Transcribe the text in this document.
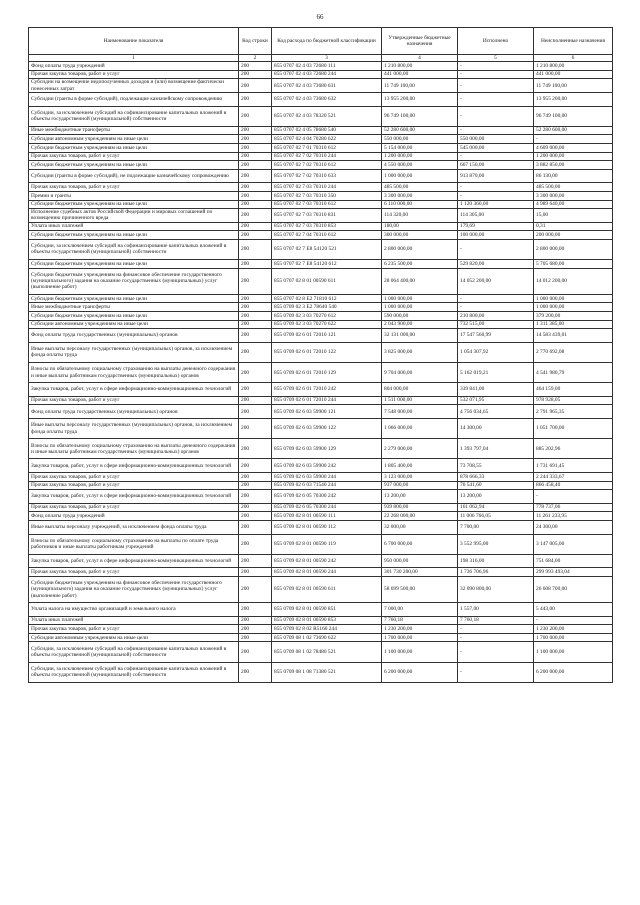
66
Наименование показателя	Код строки	Код расхода по бюджетной классификации	Утвержденные бюджетные назначения	Исполнено	Неисполненные назначения
1	2	3	4	5	6
Фонд оплаты труда учреждений	200	855 0707 02 4 03 72680 111	1 210 800,00	-	1 210 800,00
Прочая закупка товаров, работ и услуг	200	855 0707 02 4 03 72680 244	441 000,00	-	441 000,00
Субсидии на возмещение недополученных доходов и (или) возмещение фактически понесенных затрат	200	855 0707 02 4 03 73680 631	11 749 100,00	-	11 749 100,00
Субсидии (гранты в форме субсидий), подлежащие казначейскому сопровождению	200	855 0707 02 4 03 73680 632	13 955 200,00	-	13 955 200,00
Субсидии, за исключением субсидий на софинансирование капитальных вложений в объекты государственной (муниципальной) собственности	200	855 0707 02 4 03 78320 521	96 749 100,00	-	96 749 100,00
Иные межбюджетные трансферты	200	855 0707 02 4 05 78680 540	52 280 600,00	-	52 280 600,00
Субсидии автономным учреждениям на иные цели	200	855 0707 02 4 04 70280 622	550 000,00	550 000,00	-
Субсидии бюджетным учреждениям на иные цели	200	855 0707 02 7 01 70310 612	5 154 000,00	545 000,00	4 609 000,00
Прочая закупка товаров, работ и услуг	200	855 0707 02 7 02 70310 244	1 200 000,00	-	1 200 000,00
Субсидии бюджетным учреждениям на иные цели	200	855 0707 02 7 02 70310 612	4 550 000,00	667 150,00	3 882 850,00
Субсидии (гранты в форме субсидий), не подлежащие казначейскому сопровождению	200	855 0707 02 7 02 70310 633	1 000 000,00	913 870,00	86 130,00
Прочая закупка товаров, работ и услуг	200	855 0707 02 7 03 70310 244	485 500,00	-	485 500,00
Премии и гранты	200	855 0707 02 7 03 70310 350	3 300 000,00	-	3 300 000,00
Субсидии бюджетным учреждениям на иные цели	200	855 0707 02 7 03 70310 612	6 110 000,00	1 120 360,00	4 989 640,00
Исполнение судебных актов Российской Федерации и мировых соглашений по возмещению причиненного вреда	200	855 0707 02 7 03 70310 831	114 320,00	114 305,00	15,00
Уплата иных платежей	200	855 0707 02 7 03 70310 853	180,00	179,69	0,31
Субсидии бюджетным учреждениям на иные цели	200	855 0707 02 7 04 70310 612	300 000,00	100 000,00	200 000,00
Субсидии, за исключением субсидий на софинансирование капитальных вложений в объекты государственной (муниципальной) собственности	200	855 0707 02 7 E8 54120 521	2 800 000,00	-	2 800 000,00
Субсидии бюджетным учреждениям на иные цели	200	855 0707 02 7 E8 54120 612	6 235 500,00	529 820,00	5 705 680,00
Субсидии бюджетным учреждениям на финансовое обеспечение государственного (муниципального) задания на оказание государственных (муниципальных) услуг (выполнение работ)	200	855 0707 02 8 01 00590 611	28 064 400,00	14 052 200,00	14 012 200,00
Субсидии бюджетным учреждениям на иные цели	200	855 0707 02 8 E2 71810 612	1 000 000,00	-	1 000 000,00
Иные межбюджетные трансферты	200	855 0709 02 3 E2 78640 540	1 000 000,00	-	1 000 000,00
Субсидии бюджетным учреждениям на иные цели	200	855 0709 02 3 03 70270 612	590 000,00	210 800,00	379 200,00
Субсидии автономным учреждениям на иные цели	200	855 0709 02 3 03 70270 622	2 043 900,00	732 515,00	1 311 385,00
Фонд оплаты труда государственных (муниципальных) органов	200	855 0709 02 6 01 72010 121	32 131 000,00	17 547 560,99	14 583 439,01
Иные выплаты персоналу государственных (муниципальных) органов, за исключением фонда оплаты труда	200	855 0709 02 6 01 72010 122	3 825 000,00	1 054 307,92	2 770 692,08
Взносы по обязательному социальному страхованию на выплаты денежного содержания и иные выплаты работникам государственных (муниципальных) органов	200	855 0709 02 6 01 72010 129	9 704 000,00	5 162 019,21	4 541 980,79
Закупка товаров, работ, услуг в сфере информационно-коммуникационных технологий	200	855 0709 02 6 01 72010 242	804 000,00	339 841,00	464 159,00
Прочая закупка товаров, работ и услуг	200	855 0709 02 6 01 72010 244	1 511 000,00	532 071,95	978 928,05
Фонд оплаты труда государственных (муниципальных) органов	200	855 0709 02 6 03 59900 121	7 548 000,00	4 756 034,65	2 791 965,35
Иные выплаты персоналу государственных (муниципальных) органов, за исключением фонда оплаты труда	200	855 0709 02 6 03 59900 122	1 066 000,00	14 300,00	1 051 700,00
Взносы по обязательному социальному страхованию на выплаты денежного содержания и иные выплаты работникам государственных (муниципальных) органов	200	855 0709 02 6 03 59900 129	2 279 000,00	1 393 797,04	885 202,96
Закупка товаров, работ, услуг в сфере информационно-коммуникационных технологий	200	855 0709 02 6 03 59900 242	1 805 400,00	73 708,55	1 731 691,45
Прочая закупка товаров, работ и услуг	200	855 0709 02 6 03 59900 244	3 123 000,00	878 666,33	2 244 333,67
Прочая закупка товаров, работ и услуг	200	855 0709 02 6 03 71540 244	937 000,00	70 541,60	866 458,40
Закупка товаров, работ, услуг в сфере информационно-коммуникационных технологий	200	855 0709 02 6 05 70300 242	13 200,00	13 200,00	-
Прочая закупка товаров, работ и услуг	200	855 0709 02 6 05 70300 244	939 800,00	161 062,94	778 737,06
Фонд оплаты труда учреждений	200	855 0709 02 8 01 00590 111	22 268 000,00	11 006 766,05	11 261 233,95
Иные выплаты персоналу учреждений, за исключением фонда оплаты труда	200	855 0709 02 8 01 00590 112	32 000,00	7 700,00	24 300,00
Взносы по обязательному социальному страхованию на выплаты по оплате труда работников и иные выплаты работникам учреждений	200	855 0709 02 8 01 00590 119	6 700 000,00	3 552 995,00	3 147 005,00
Закупка товаров, работ, услуг в сфере информационно-коммуникационных технологий	200	855 0709 02 8 01 00590 242	950 000,00	198 316,00	751 684,00
Прочая закупка товаров, работ и услуг	200	855 0709 02 8 01 00590 244	301 730 200,00	1 736 706,96	299 993 493,04
Субсидии бюджетным учреждениям на финансовое обеспечение государственного (муниципального) задания на оказание государственных (муниципальных) услуг (выполнение работ)	200	855 0709 02 8 01 00590 611	58 699 500,00	32 090 800,00	26 608 700,00
Уплата налога на имущество организаций и земельного налога	200	855 0709 02 8 01 00590 851	7 000,00	1 557,00	5 443,00
Уплата иных платежей	200	855 0709 02 8 01 00590 853	7 760,18	7 760,18	-
Прочая закупка товаров, работ и услуг	200	855 0709 02 8 02 R5160 244	1 230 200,00	-	1 230 200,00
Субсидии автономным учреждениям на иные цели	200	855 0709 08 1 02 73690 622	1 700 000,00	-	1 700 000,00
Субсидии, за исключением субсидий на софинансирование капитальных вложений в объекты государственной (муниципальной) собственности	200	855 0709 08 1 02 78480 521	1 100 000,00	-	1 100 000,00
Субсидии, за исключением субсидий на софинансирование капитальных вложений в объекты государственной (муниципальной) собственности	200	855 0709 08 1 08 71380 521	6 200 000,00	-	6 200 000,00
